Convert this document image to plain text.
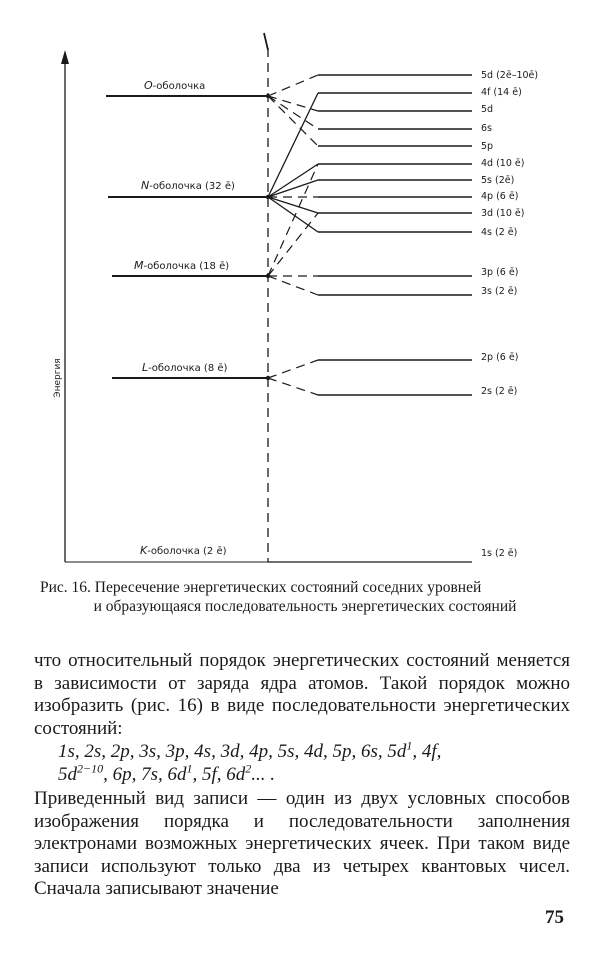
Энергия
O-оболочка
N-оболочка (32 ē)
M-оболочка (18 ē)
L-оболочка (8 ē)
K-оболочка (2 ē)
5d (2ē–10ē)
4f (14 ē)
5d
6s
5p
4d (10 ē)
5s (2ē)
4p (6 ē)
3d (10 ē)
4s (2 ē)
3p (6 ē)
3s (2 ē)
2p (6 ē)
2s (2 ē)
1s (2 ē)

Рис. 16. Пересечение энергетических состояний соседних уровней
и образующаяся последовательность энергетических состояний

что относительный порядок энергетических состояний меняется в зависимости от заряда ядра атомов. Такой порядок можно изобразить (рис. 16) в виде последовательности энергетических состояний:

1s, 2s, 2p, 3s, 3p, 4s, 3d, 4p, 5s, 4d, 5p, 6s, $5d^1$, 4f,
$5d^{2-10}$, 6p, 7s, $6d^1$, 5f, $6d^2$... .

Приведенный вид записи — один из двух условных способов изображения порядка и последовательности заполнения электронами возможных энергетических ячеек. При таком виде записи используют только два из четырех квантовых чисел. Сначала записывают значение

75
